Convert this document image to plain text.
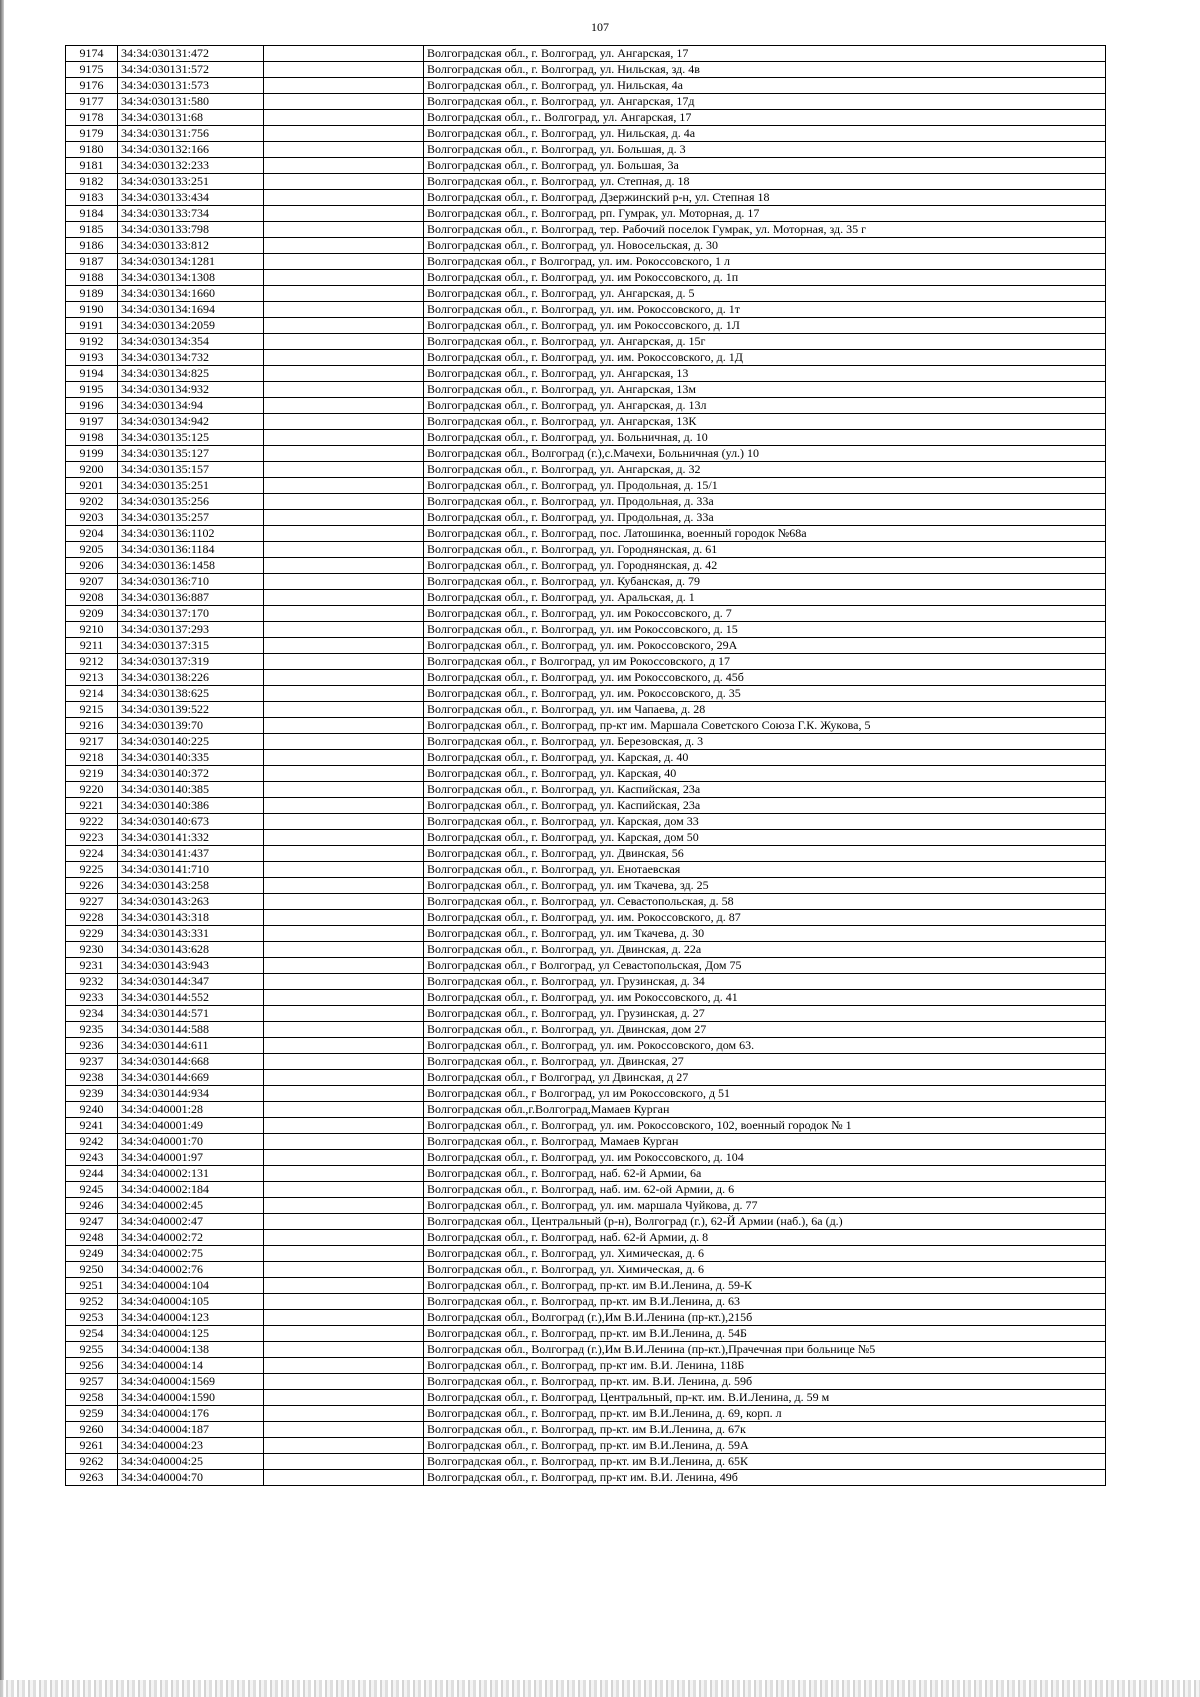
107
9174	34:34:030131:472		Волгоградская обл., г. Волгоград, ул. Ангарская, 17
9175	34:34:030131:572		Волгоградская обл., г. Волгоград, ул. Нильская, зд. 4в
9176	34:34:030131:573		Волгоградская обл., г. Волгоград, ул. Нильская, 4а
9177	34:34:030131:580		Волгоградская обл., г. Волгоград, ул. Ангарская, 17д
9178	34:34:030131:68		Волгоградская обл., г.. Волгоград, ул. Ангарская, 17
9179	34:34:030131:756		Волгоградская обл., г. Волгоград, ул. Нильская, д. 4а
9180	34:34:030132:166		Волгоградская обл., г. Волгоград, ул. Большая, д. 3
9181	34:34:030132:233		Волгоградская обл., г. Волгоград, ул. Большая, 3а
9182	34:34:030133:251		Волгоградская обл., г. Волгоград, ул. Степная, д. 18
9183	34:34:030133:434		Волгоградская обл., г. Волгоград, Дзержинский р-н, ул. Степная 18
9184	34:34:030133:734		Волгоградская обл., г. Волгоград, рп. Гумрак, ул. Моторная, д. 17
9185	34:34:030133:798		Волгоградская обл., г. Волгоград, тер. Рабочий поселок Гумрак, ул. Моторная, зд. 35 г
9186	34:34:030133:812		Волгоградская обл., г. Волгоград, ул. Новосельская, д. 30
9187	34:34:030134:1281		Волгоградская обл., г Волгоград, ул. им. Рокоссовского, 1 л
9188	34:34:030134:1308		Волгоградская обл., г. Волгоград, ул. им Рокоссовского, д. 1п
9189	34:34:030134:1660		Волгоградская обл., г. Волгоград, ул. Ангарская, д. 5
9190	34:34:030134:1694		Волгоградская обл., г. Волгоград, ул. им. Рокоссовского, д. 1т
9191	34:34:030134:2059		Волгоградская обл., г. Волгоград, ул. им Рокоссовского, д. 1Л
9192	34:34:030134:354		Волгоградская обл., г. Волгоград, ул. Ангарская, д. 15г
9193	34:34:030134:732		Волгоградская обл., г. Волгоград, ул. им. Рокоссовского, д. 1Д
9194	34:34:030134:825		Волгоградская обл., г. Волгоград, ул. Ангарская, 13
9195	34:34:030134:932		Волгоградская обл., г. Волгоград, ул. Ангарская, 13м
9196	34:34:030134:94		Волгоградская обл., г. Волгоград, ул. Ангарская, д. 13л
9197	34:34:030134:942		Волгоградская обл., г. Волгоград, ул. Ангарская, 13К
9198	34:34:030135:125		Волгоградская обл., г. Волгоград, ул. Больничная, д. 10
9199	34:34:030135:127		Волгоградская обл., Волгоград (г.),с.Мачехи, Больничная (ул.) 10
9200	34:34:030135:157		Волгоградская обл., г. Волгоград, ул. Ангарская, д. 32
9201	34:34:030135:251		Волгоградская обл., г. Волгоград, ул. Продольная, д. 15/1
9202	34:34:030135:256		Волгоградская обл., г. Волгоград, ул. Продольная, д. 33а
9203	34:34:030135:257		Волгоградская обл., г. Волгоград, ул. Продольная, д. 33а
9204	34:34:030136:1102		Волгоградская обл., г. Волгоград, пос. Латошинка, военный городок №68а
9205	34:34:030136:1184		Волгоградская обл., г. Волгоград, ул. Городнянская, д. 61
9206	34:34:030136:1458		Волгоградская обл., г. Волгоград, ул. Городнянская, д. 42
9207	34:34:030136:710		Волгоградская обл., г. Волгоград, ул. Кубанская, д. 79
9208	34:34:030136:887		Волгоградская обл., г. Волгоград, ул. Аральская, д. 1
9209	34:34:030137:170		Волгоградская обл., г. Волгоград, ул. им Рокоссовского, д. 7
9210	34:34:030137:293		Волгоградская обл., г. Волгоград, ул. им Рокоссовского, д. 15
9211	34:34:030137:315		Волгоградская обл., г. Волгоград, ул. им. Рокоссовского, 29А
9212	34:34:030137:319		Волгоградская обл., г Волгоград, ул им Рокоссовского, д 17
9213	34:34:030138:226		Волгоградская обл., г. Волгоград, ул. им Рокоссовского, д. 45б
9214	34:34:030138:625		Волгоградская обл., г. Волгоград, ул. им. Рокоссовского, д. 35
9215	34:34:030139:522		Волгоградская обл., г. Волгоград, ул. им Чапаева, д. 28
9216	34:34:030139:70		Волгоградская обл., г. Волгоград, пр-кт им. Маршала Советского Союза Г.К. Жукова, 5
9217	34:34:030140:225		Волгоградская обл., г. Волгоград, ул. Березовская, д. 3
9218	34:34:030140:335		Волгоградская обл., г. Волгоград, ул. Карская, д. 40
9219	34:34:030140:372		Волгоградская обл., г. Волгоград, ул. Карская, 40
9220	34:34:030140:385		Волгоградская обл., г. Волгоград, ул. Каспийская, 23а
9221	34:34:030140:386		Волгоградская обл., г. Волгоград, ул. Каспийская, 23а
9222	34:34:030140:673		Волгоградская обл., г. Волгоград, ул. Карская, дом 33
9223	34:34:030141:332		Волгоградская обл., г. Волгоград, ул. Карская, дом 50
9224	34:34:030141:437		Волгоградская обл., г. Волгоград, ул. Двинская, 56
9225	34:34:030141:710		Волгоградская обл., г. Волгоград, ул. Енотаевская
9226	34:34:030143:258		Волгоградская обл., г. Волгоград, ул. им Ткачева, зд. 25
9227	34:34:030143:263		Волгоградская обл., г. Волгоград, ул. Севастопольская, д. 58
9228	34:34:030143:318		Волгоградская обл., г. Волгоград, ул. им. Рокоссовского, д. 87
9229	34:34:030143:331		Волгоградская обл., г. Волгоград, ул. им Ткачева, д. 30
9230	34:34:030143:628		Волгоградская обл., г. Волгоград, ул. Двинская, д. 22а
9231	34:34:030143:943		Волгоградская обл., г Волгоград, ул Севастопольская, Дом 75
9232	34:34:030144:347		Волгоградская обл., г. Волгоград, ул. Грузинская, д. 34
9233	34:34:030144:552		Волгоградская обл., г. Волгоград, ул. им Рокоссовского, д. 41
9234	34:34:030144:571		Волгоградская обл., г. Волгоград, ул. Грузинская, д. 27
9235	34:34:030144:588		Волгоградская обл., г. Волгоград, ул. Двинская, дом 27
9236	34:34:030144:611		Волгоградская обл., г. Волгоград, ул. им. Рокоссовского, дом 63.
9237	34:34:030144:668		Волгоградская обл., г. Волгоград, ул. Двинская, 27
9238	34:34:030144:669		Волгоградская обл., г Волгоград, ул Двинская, д 27
9239	34:34:030144:934		Волгоградская обл., г Волгоград, ул им Рокоссовского, д 51
9240	34:34:040001:28		Волгоградская обл.,г.Волгоград,Мамаев Курган
9241	34:34:040001:49		Волгоградская обл., г. Волгоград, ул. им. Рокоссовского, 102, военный городок № 1
9242	34:34:040001:70		Волгоградская обл., г. Волгоград, Мамаев Курган
9243	34:34:040001:97		Волгоградская обл., г. Волгоград, ул. им Рокоссовского, д. 104
9244	34:34:040002:131		Волгоградская обл., г. Волгоград, наб. 62-й Армии, 6а
9245	34:34:040002:184		Волгоградская обл., г. Волгоград, наб. им. 62-ой Армии, д. 6
9246	34:34:040002:45		Волгоградская обл., г. Волгоград, ул. им. маршала Чуйкова, д. 77
9247	34:34:040002:47		Волгоградская обл., Центральный (р-н), Волгоград (г.), 62-Й Армии (наб.), 6а (д.)
9248	34:34:040002:72		Волгоградская обл., г. Волгоград, наб. 62-й Армии, д. 8
9249	34:34:040002:75		Волгоградская обл., г. Волгоград, ул. Химическая, д. 6
9250	34:34:040002:76		Волгоградская обл., г. Волгоград, ул. Химическая, д. 6
9251	34:34:040004:104		Волгоградская обл., г. Волгоград, пр-кт. им В.И.Ленина, д. 59-К
9252	34:34:040004:105		Волгоградская обл., г. Волгоград, пр-кт. им В.И.Ленина, д. 63
9253	34:34:040004:123		Волгоградская обл., Волгоград (г.),Им В.И.Ленина (пр-кт.),215б
9254	34:34:040004:125		Волгоградская обл., г. Волгоград, пр-кт. им В.И.Ленина, д. 54Б
9255	34:34:040004:138		Волгоградская обл., Волгоград (г.),Им В.И.Ленина (пр-кт.),Прачечная при больнице №5
9256	34:34:040004:14		Волгоградская обл., г. Волгоград, пр-кт им. В.И. Ленина, 118Б
9257	34:34:040004:1569		Волгоградская обл., г. Волгоград, пр-кт. им. В.И. Ленина, д. 59б
9258	34:34:040004:1590		Волгоградская обл., г. Волгоград, Центральный, пр-кт. им. В.И.Ленина, д. 59 м
9259	34:34:040004:176		Волгоградская обл., г. Волгоград, пр-кт. им В.И.Ленина, д. 69, корп. л
9260	34:34:040004:187		Волгоградская обл., г. Волгоград, пр-кт. им В.И.Ленина, д. 67к
9261	34:34:040004:23		Волгоградская обл., г. Волгоград, пр-кт. им В.И.Ленина, д. 59А
9262	34:34:040004:25		Волгоградская обл., г. Волгоград, пр-кт. им В.И.Ленина, д. 65К
9263	34:34:040004:70		Волгоградская обл., г. Волгоград, пр-кт им. В.И. Ленина, 49б
